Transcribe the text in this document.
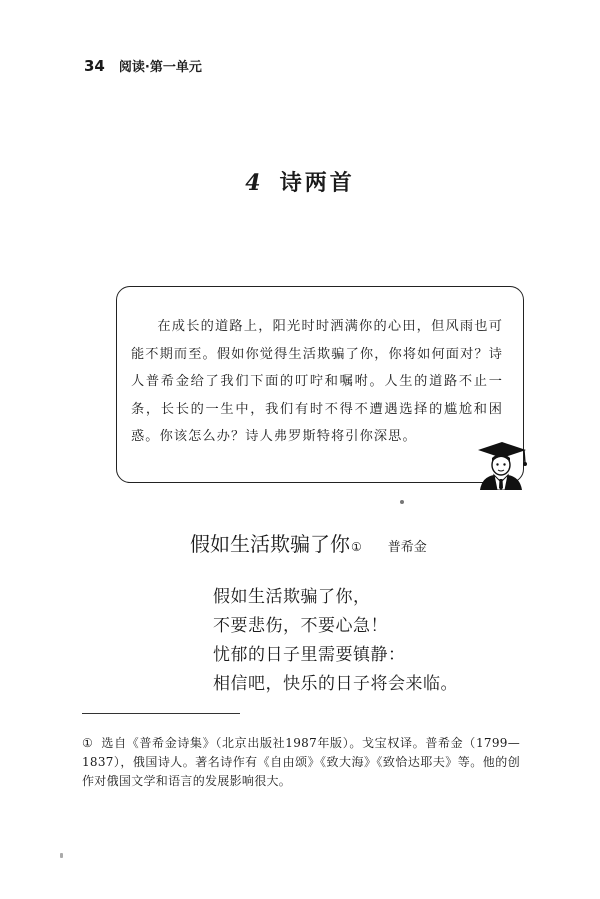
34 阅读·第一单元
4 诗两首

在成长的道路上，阳光时时洒满你的心田，但风雨也可能不期而至。假如你觉得生活欺骗了你，你将如何面对？诗人普希金给了我们下面的叮咛和嘱咐。人生的道路不止一条，长长的一生中，我们有时不得不遭遇选择的尴尬和困惑。你该怎么办？诗人弗罗斯特将引你深思。

假如生活欺骗了你 ① 普希金
假如生活欺骗了你，
不要悲伤，不要心急！
忧郁的日子里需要镇静：
相信吧，快乐的日子将会来临。

① 选自《普希金诗集》（北京出版社1987年版）。戈宝权译。普希金（1799—1837），俄国诗人。著名诗作有《自由颂》《致大海》《致恰达耶夫》等。他的创作对俄国文学和语言的发展影响很大。
